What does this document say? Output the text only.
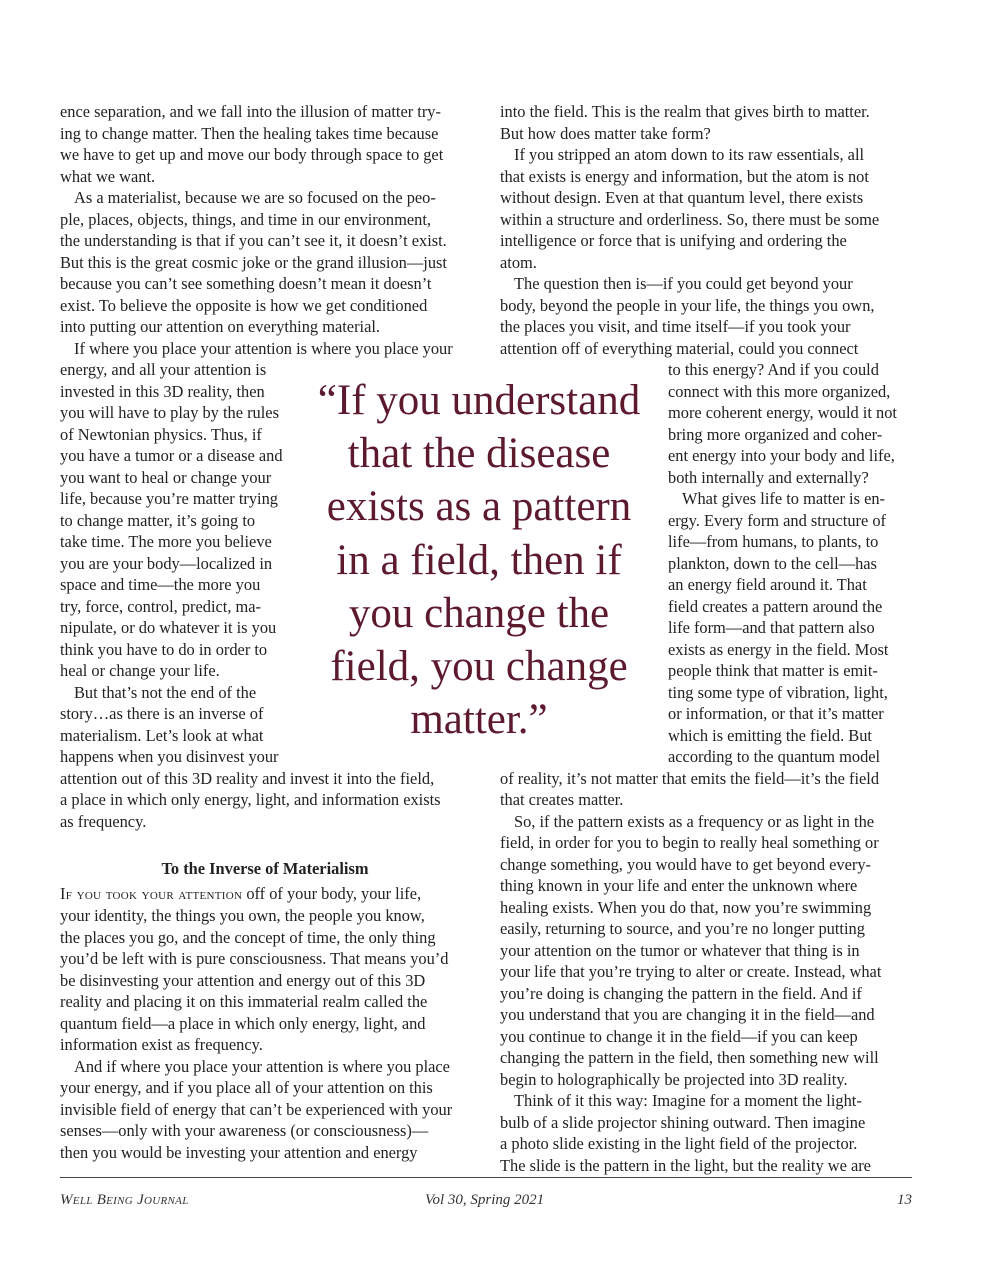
ence separation, and we fall into the illusion of matter try-
ing to change matter. Then the healing takes time because
we have to get up and move our body through space to get
what we want.
As a materialist, because we are so focused on the peo-
ple, places, objects, things, and time in our environment,
the understanding is that if you can’t see it, it doesn’t exist.
But this is the great cosmic joke or the grand illusion—just
because you can’t see something doesn’t mean it doesn’t
exist. To believe the opposite is how we get conditioned
into putting our attention on everything material.
If where you place your attention is where you place your
energy, and all your attention is
invested in this 3D reality, then
you will have to play by the rules
of Newtonian physics. Thus, if
you have a tumor or a disease and
you want to heal or change your
life, because you’re matter trying
to change matter, it’s going to
take time. The more you believe
you are your body—localized in
space and time—the more you
try, force, control, predict, ma-
nipulate, or do whatever it is you
think you have to do in order to
heal or change your life.
But that’s not the end of the
story…as there is an inverse of
materialism. Let’s look at what
happens when you disinvest your
attention out of this 3D reality and invest it into the field,
a place in which only energy, light, and information exists
as frequency.
your identity, the things you own, the people you know,
the places you go, and the concept of time, the only thing
you’d be left with is pure consciousness. That means you’d
be disinvesting your attention and energy out of this 3D
reality and placing it on this immaterial realm called the
quantum field—a place in which only energy, light, and
information exist as frequency.
And if where you place your attention is where you place
your energy, and if you place all of your attention on this
invisible field of energy that can’t be experienced with your
senses—only with your awareness (or consciousness)—
then you would be investing your attention and energy
To the Inverse of Materialism
If you took your attention off of your body, your life,
into the field. This is the realm that gives birth to matter.
But how does matter take form?
If you stripped an atom down to its raw essentials, all
that exists is energy and information, but the atom is not
without design. Even at that quantum level, there exists
within a structure and orderliness. So, there must be some
intelligence or force that is unifying and ordering the
atom.
The question then is—if you could get beyond your
body, beyond the people in your life, the things you own,
the places you visit, and time itself—if you took your
attention off of everything material, could you connect
to this energy? And if you could
connect with this more organized,
more coherent energy, would it not
bring more organized and coher-
ent energy into your body and life,
both internally and externally?
What gives life to matter is en-
ergy. Every form and structure of
life—from humans, to plants, to
plankton, down to the cell—has
an energy field around it. That
field creates a pattern around the
life form—and that pattern also
exists as energy in the field. Most
people think that matter is emit-
ting some type of vibration, light,
or information, or that it’s matter
which is emitting the field. But
according to the quantum model
of reality, it’s not matter that emits the field—it’s the field
that creates matter.
So, if the pattern exists as a frequency or as light in the
field, in order for you to begin to really heal something or
change something, you would have to get beyond every-
thing known in your life and enter the unknown where
healing exists. When you do that, now you’re swimming
easily, returning to source, and you’re no longer putting
your attention on the tumor or whatever that thing is in
your life that you’re trying to alter or create. Instead, what
you’re doing is changing the pattern in the field. And if
you understand that you are changing it in the field—and
you continue to change it in the field—if you can keep
changing the pattern in the field, then something new will
begin to holographically be projected into 3D reality.
Think of it this way: Imagine for a moment the light-
bulb of a slide projector shining outward. Then imagine
a photo slide existing in the light field of the projector.
The slide is the pattern in the light, but the reality we are
“If you understand
that the disease
exists as a pattern
in a field, then if
you change the
field, you change
matter.”
Well Being Journal	Vol 30, Spring 2021	13
